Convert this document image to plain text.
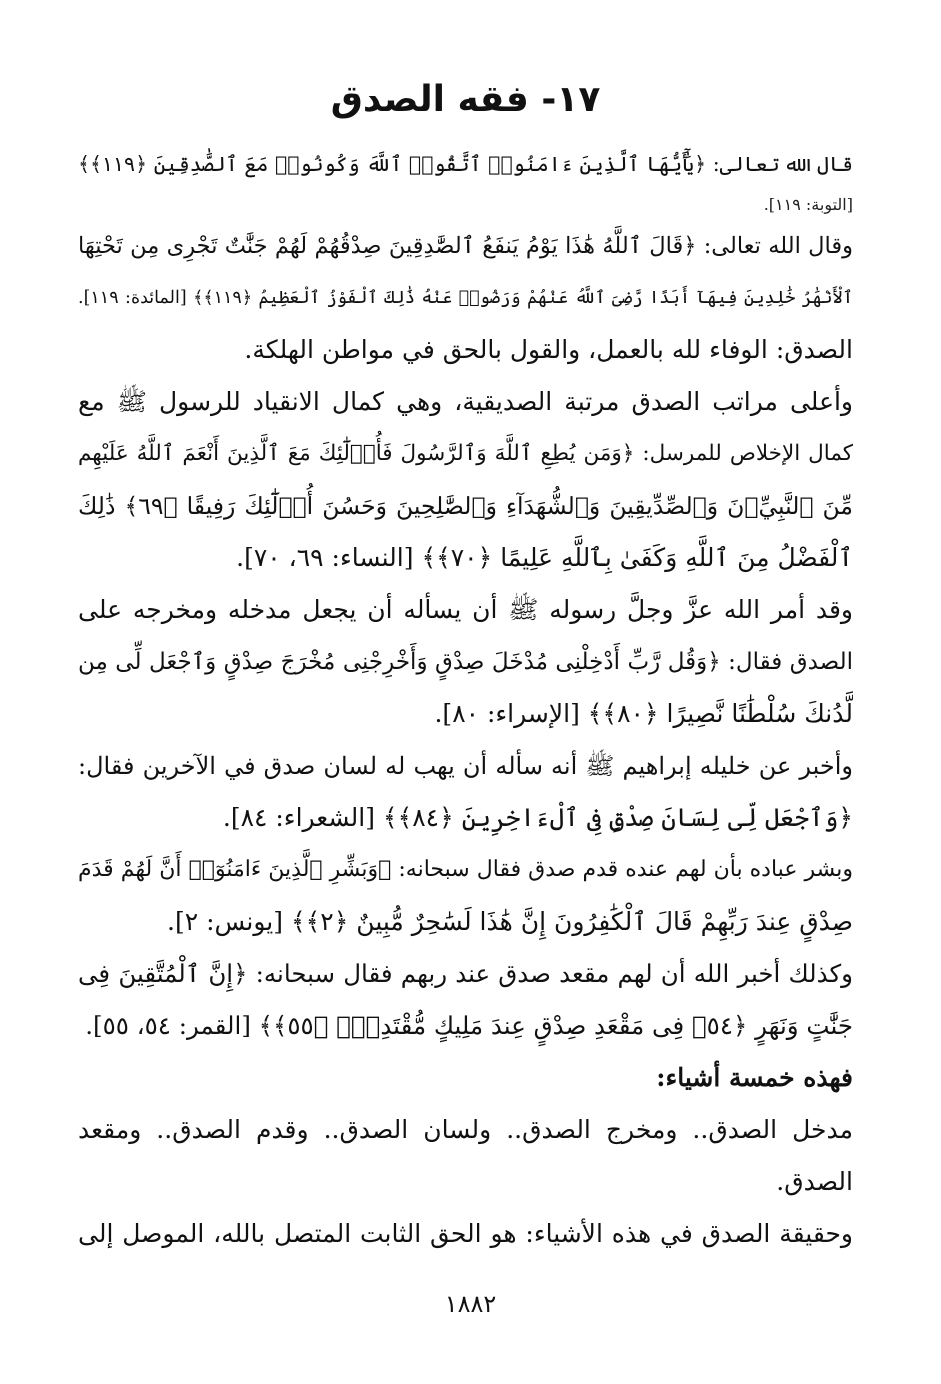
١٧- فقه الصدق
قال الله تعالى: ﴿يَٰٓأَيُّهَا ٱلَّذِينَ ءَامَنُوا۟ ٱتَّقُوا۟ ٱللَّهَ وَكُونُوا۟ مَعَ ٱلصَّٰدِقِينَ ﴿١١٩﴾﴾
[التوبة: ١١٩].
وقال الله تعالى: ﴿قَالَ ٱللَّهُ هَٰذَا يَوْمُ يَنفَعُ ٱلصَّٰدِقِينَ صِدْقُهُمْ لَهُمْ جَنَّٰتٌ تَجْرِى مِن تَحْتِهَا
ٱلْأَنْهَٰرُ خَٰلِدِينَ فِيهَآ أَبَدًا رَّضِىَ ٱللَّهُ عَنْهُمْ وَرَضُوا۟ عَنْهُ ذَٰلِكَ ٱلْفَوْزُ ٱلْعَظِيمُ ﴿١١٩﴾﴾ [المائدة: ١١٩].
الصدق: الوفاء لله بالعمل، والقول بالحق في مواطن الهلكة.
وأعلى مراتب الصدق مرتبة الصديقية، وهي كمال الانقياد للرسول ﷺ مع
كمال الإخلاص للمرسل: ﴿وَمَن يُطِعِ ٱللَّهَ وَٱلرَّسُولَ فَأُو۟لَٰٓئِكَ مَعَ ٱلَّذِينَ أَنْعَمَ ٱللَّهُ عَلَيْهِم
مِّنَ ٱلنَّبِيِّۦنَ وَٱلصِّدِّيقِينَ وَٱلشُّهَدَآءِ وَٱلصَّٰلِحِينَ وَحَسُنَ أُو۟لَٰٓئِكَ رَفِيقًا ﴿٦٩﴾ ذَٰلِكَ
ٱلْفَضْلُ مِنَ ٱللَّهِ وَكَفَىٰ بِٱللَّهِ عَلِيمًا ﴿٧٠﴾﴾ [النساء: ٦٩، ٧٠].
وقد أمر الله عزَّ وجلَّ رسوله ﷺ أن يسأله أن يجعل مدخله ومخرجه على
الصدق فقال: ﴿وَقُل رَّبِّ أَدْخِلْنِى مُدْخَلَ صِدْقٍ وَأَخْرِجْنِى مُخْرَجَ صِدْقٍ وَٱجْعَل لِّى مِن
لَّدُنكَ سُلْطَٰنًا نَّصِيرًا ﴿٨٠﴾﴾ [الإسراء: ٨٠].
وأخبر عن خليله إبراهيم ﷺ أنه سأله أن يهب له لسان صدق في الآخرين فقال:
﴿وَٱجْعَل لِّى لِسَانَ صِدْقٍ فِى ٱلْءَاخِرِينَ ﴿٨٤﴾﴾ [الشعراء: ٨٤].
وبشر عباده بأن لهم عنده قدم صدق فقال سبحانه: ﴿وَبَشِّرِ ٱلَّذِينَ ءَامَنُوٓا۟ أَنَّ لَهُمْ قَدَمَ
صِدْقٍ عِندَ رَبِّهِمْ قَالَ ٱلْكَٰفِرُونَ إِنَّ هَٰذَا لَسَٰحِرٌ مُّبِينٌ ﴿٢﴾﴾ [يونس: ٢].
وكذلك أخبر الله أن لهم مقعد صدق عند ربهم فقال سبحانه: ﴿إِنَّ ٱلْمُتَّقِينَ فِى
جَنَّٰتٍ وَنَهَرٍ ﴿٥٤﴾ فِى مَقْعَدِ صِدْقٍ عِندَ مَلِيكٍ مُّقْتَدِرٍۭ ﴿٥٥﴾﴾ [القمر: ٥٤، ٥٥].
فهذه خمسة أشياء:
مدخل الصدق.. ومخرج الصدق.. ولسان الصدق.. وقدم الصدق.. ومقعد
الصدق.
وحقيقة الصدق في هذه الأشياء: هو الحق الثابت المتصل بالله، الموصل إلى
١٨٨٢
